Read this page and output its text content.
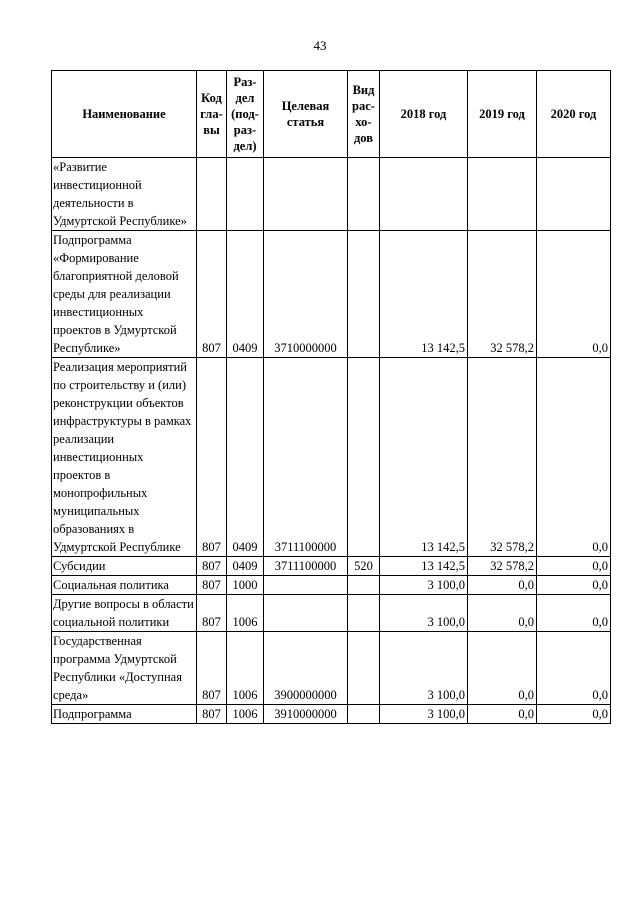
43
Наименование	Код гла-вы	Раз-дел (под-раз-дел)	Целевая статья	Вид рас-хо-дов	2018 год	2019 год	2020 год
«Развитие инвестиционной деятельности в Удмуртской Республике»							
Подпрограмма «Формирование благоприятной деловой среды для реализации инвестиционных проектов в Удмуртской Республике»	807	0409	3710000000		13 142,5	32 578,2	0,0
Реализация мероприятий по строительству и (или) реконструкции объектов инфраструктуры в рамках реализации инвестиционных проектов в монопрофильных муниципальных образованиях в Удмуртской Республике	807	0409	3711100000		13 142,5	32 578,2	0,0
Субсидии	807	0409	3711100000	520	13 142,5	32 578,2	0,0
Социальная политика	807	1000			3 100,0	0,0	0,0
Другие вопросы в области социальной политики	807	1006			3 100,0	0,0	0,0
Государственная программа Удмуртской Республики «Доступная среда»	807	1006	3900000000		3 100,0	0,0	0,0
Подпрограмма	807	1006	3910000000		3 100,0	0,0	0,0
